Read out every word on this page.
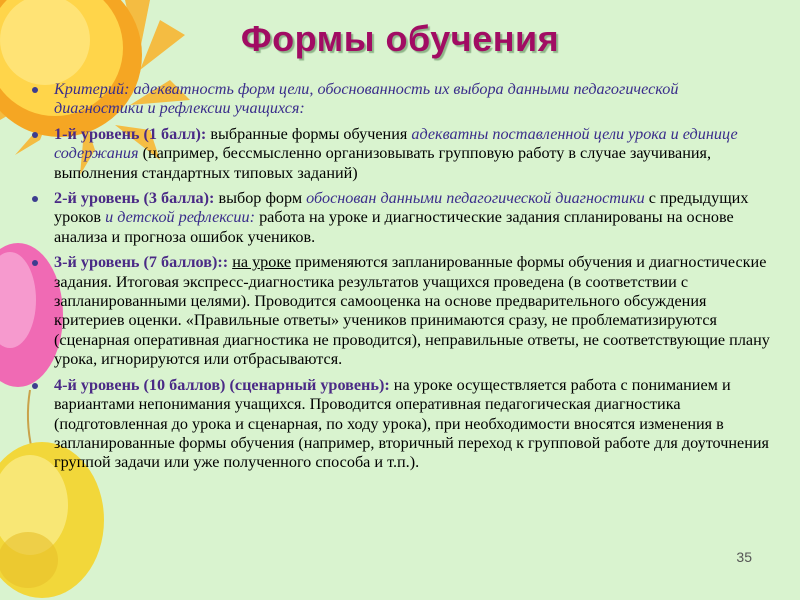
Формы обучения
Критерий: адекватность форм цели, обоснованность их выбора данными педагогической диагностики и рефлексии учащихся:
1-й уровень (1 балл): выбранные формы обучения адекватны поставленной цели урока и единице содержания (например, бессмысленно организовывать групповую работу в случае заучивания, выполнения стандартных типовых заданий)
2-й уровень (3 балла): выбор форм обоснован данными педагогической диагностики с предыдущих уроков и детской рефлексии: работа на уроке и диагностические задания спланированы на основе анализа и прогноза ошибок учеников.
3-й уровень (7 баллов):: на уроке применяются запланированные формы обучения и диагностические задания. Итоговая экспресс-диагностика результатов учащихся проведена (в соответствии с запланированными целями). Проводится самооценка на основе предварительного обсуждения критериев оценки. «Правильные ответы» учеников принимаются сразу, не проблематизируются (сценарная оперативная диагностика не проводится), неправильные ответы, не соответствующие плану урока, игнорируются или отбрасываются.
4-й уровень (10 баллов) (сценарный уровень): на уроке осуществляется работа с пониманием и вариантами непонимания учащихся. Проводится оперативная педагогическая диагностика (подготовленная до урока и сценарная, по ходу урока), при необходимости вносятся изменения в запланированные формы обучения (например, вторичный переход к групповой работе для доуточнения группой задачи или уже полученного способа и т.п.).
35
